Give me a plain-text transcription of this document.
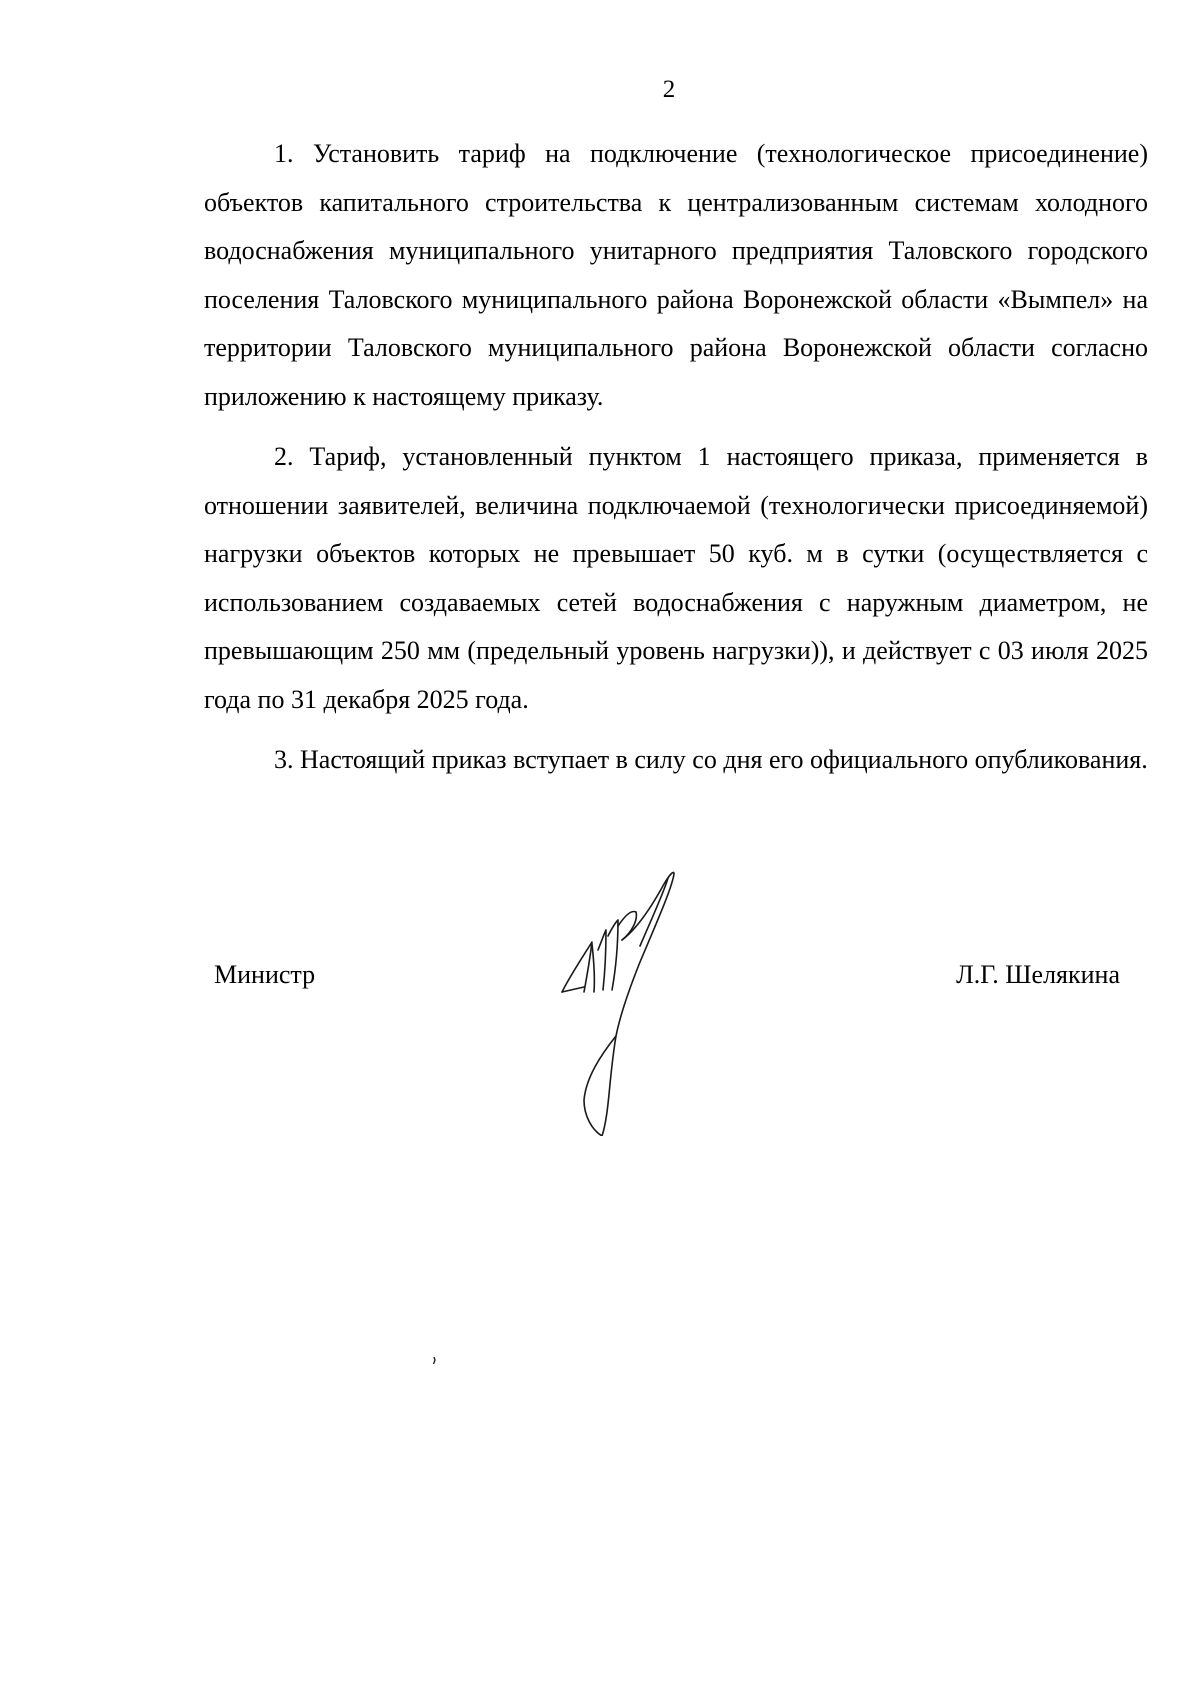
2

1. Установить тариф на подключение (технологическое присоединение) объектов капитального строительства к централизованным системам холодного водоснабжения муниципального унитарного предприятия Таловского городского поселения Таловского муниципального района Воронежской области «Вымпел» на территории Таловского муниципального района Воронежской области согласно приложению к настоящему приказу.

2. Тариф, установленный пунктом 1 настоящего приказа, применяется в отношении заявителей, величина подключаемой (технологически присоединяемой) нагрузки объектов которых не превышает 50 куб. м в сутки (осуществляется с использованием создаваемых сетей водоснабжения с наружным диаметром, не превышающим 250 мм (предельный уровень нагрузки)), и действует с 03 июля 2025 года по 31 декабря 2025 года.

3. Настоящий приказ вступает в силу со дня его официального опубликования.

Министр	Л.Г. Шелякина
